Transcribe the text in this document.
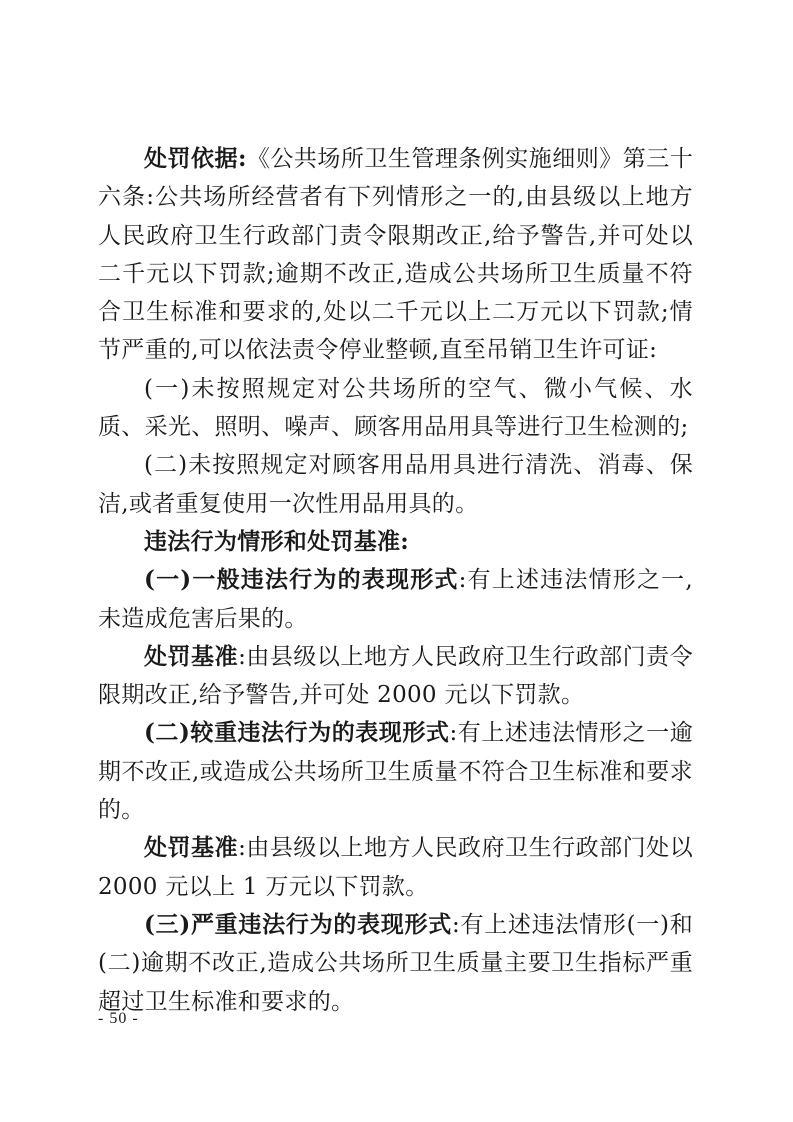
处罚依据:《公共场所卫生管理条例实施细则》第三十六条:公共场所经营者有下列情形之一的,由县级以上地方人民政府卫生行政部门责令限期改正,给予警告,并可处以二千元以下罚款;逾期不改正,造成公共场所卫生质量不符合卫生标准和要求的,处以二千元以上二万元以下罚款;情节严重的,可以依法责令停业整顿,直至吊销卫生许可证:

(一)未按照规定对公共场所的空气、微小气候、水质、采光、照明、噪声、顾客用品用具等进行卫生检测的;

(二)未按照规定对顾客用品用具进行清洗、消毒、保洁,或者重复使用一次性用品用具的。

违法行为情形和处罚基准:

(一)一般违法行为的表现形式:有上述违法情形之一,未造成危害后果的。

处罚基准:由县级以上地方人民政府卫生行政部门责令限期改正,给予警告,并可处 2000 元以下罚款。

(二)较重违法行为的表现形式:有上述违法情形之一逾期不改正,或造成公共场所卫生质量不符合卫生标准和要求的。

处罚基准:由县级以上地方人民政府卫生行政部门处以 2000 元以上 1 万元以下罚款。

(三)严重违法行为的表现形式:有上述违法情形(一)和(二)逾期不改正,造成公共场所卫生质量主要卫生指标严重超过卫生标准和要求的。

- 50 -
